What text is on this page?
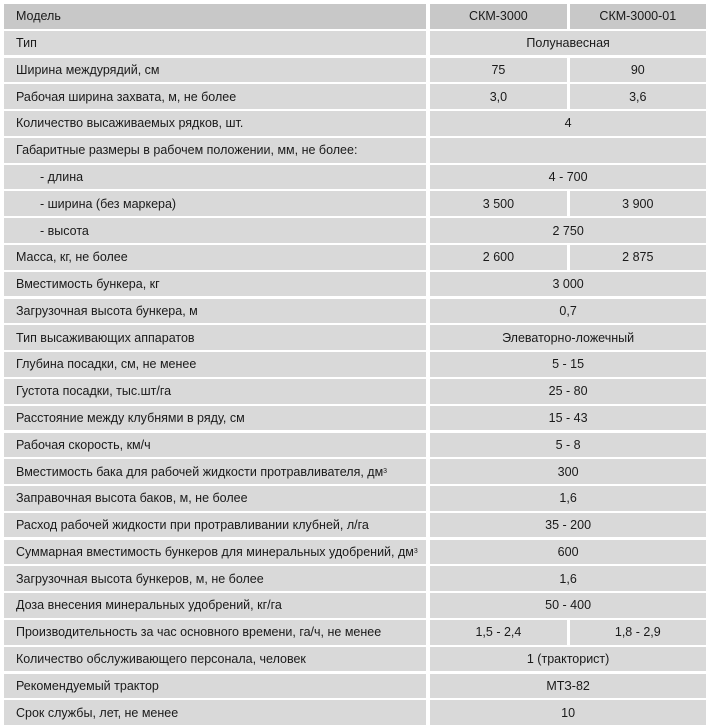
Модель	СКМ-3000	СКМ-3000-01
Тип	Полунавесная
Ширина междурядий, см	75	90
Рабочая ширина захвата, м, не более	3,0	3,6
Количество высаживаемых рядков, шт.	4
Габаритные размеры в рабочем положении, мм, не более:
- длина	4 - 700
- ширина (без маркера)	3 500	3 900
- высота	2 750
Масса, кг, не более	2 600	2 875
Вместимость бункера, кг	3 000
Загрузочная высота бункера, м	0,7
Тип высаживающих аппаратов	Элеваторно-ложечный
Глубина посадки, см, не менее	5 - 15
Густота посадки, тыс.шт/га	25 - 80
Расстояние между клубнями в ряду, см	15 - 43
Рабочая скорость, км/ч	5 - 8
Вместимость бака для рабочей жидкости протравливателя, дм 3	300
Заправочная высота баков, м, не более	1,6
Расход рабочей жидкости при протравливании клубней, л/га	35 - 200
Суммарная вместимость бункеров для минеральных удобрений, дм 3	600
Загрузочная высота бункеров, м, не более	1,6
Доза внесения минеральных удобрений, кг/га	50 - 400
Производительность за час основного времени, га/ч, не менее	1,5 - 2,4	1,8 - 2,9
Количество обслуживающего персонала, человек	1 (тракторист)
Рекомендуемый трактор	МТЗ-82
Срок службы, лет, не менее	10
